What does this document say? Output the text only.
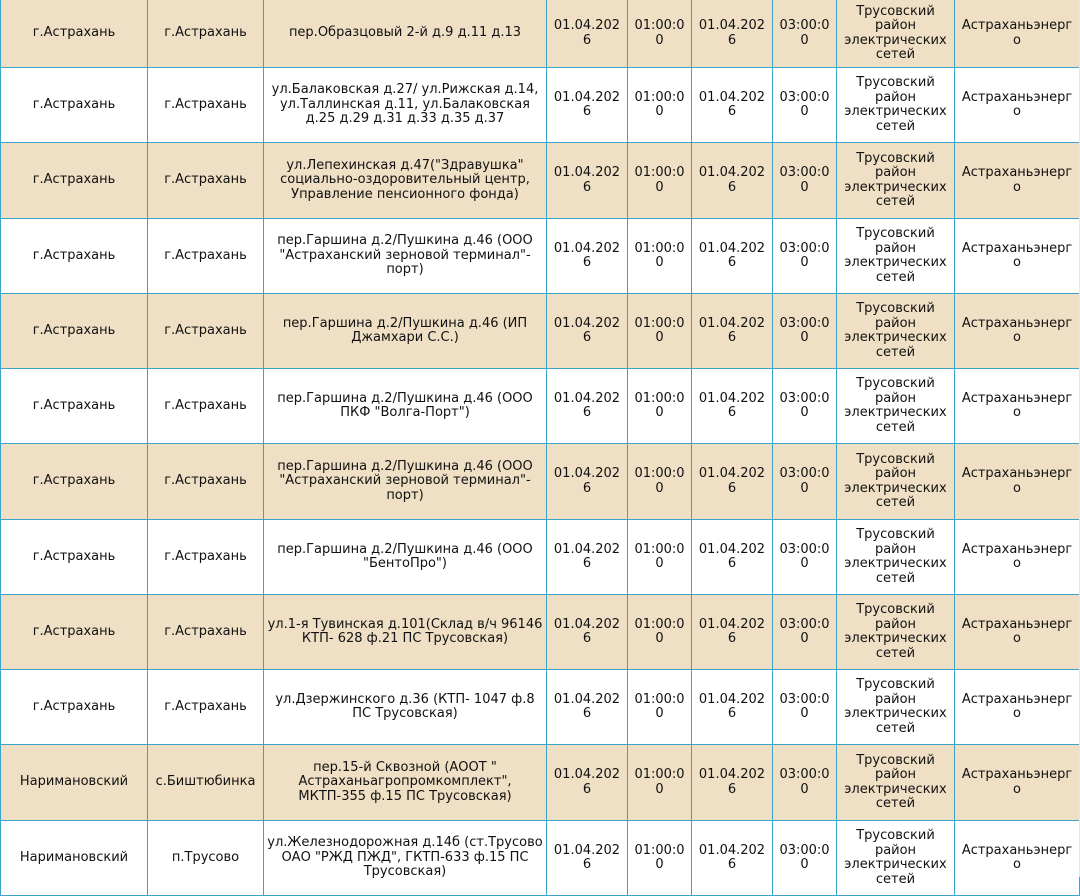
г.Астрахань	г.Астрахань	пер.Образцовый 2-й д.9 д.11 д.13	01.04.2026	01:00:00	01.04.2026	03:00:00	Трусовский район электрических сетей	Астраханьэнерго
г.Астрахань	г.Астрахань	ул.Балаковская д.27/ ул.Рижская д.14, ул.Таллинская д.11, ул.Балаковская д.25 д.29 д.31 д.33 д.35 д.37	01.04.2026	01:00:00	01.04.2026	03:00:00	Трусовский район электрических сетей	Астраханьэнерго
г.Астрахань	г.Астрахань	ул.Лепехинская д.47("Здравушка" социально-оздоровительный центр, Управление пенсионного фонда)	01.04.2026	01:00:00	01.04.2026	03:00:00	Трусовский район электрических сетей	Астраханьэнерго
г.Астрахань	г.Астрахань	пер.Гаршина д.2/Пушкина д.46 (ООО "Астраханский зерновой терминал"-порт)	01.04.2026	01:00:00	01.04.2026	03:00:00	Трусовский район электрических сетей	Астраханьэнерго
г.Астрахань	г.Астрахань	пер.Гаршина д.2/Пушкина д.46 (ИП Джамхари С.С.)	01.04.2026	01:00:00	01.04.2026	03:00:00	Трусовский район электрических сетей	Астраханьэнерго
г.Астрахань	г.Астрахань	пер.Гаршина д.2/Пушкина д.46 (ООО ПКФ "Волга-Порт")	01.04.2026	01:00:00	01.04.2026	03:00:00	Трусовский район электрических сетей	Астраханьэнерго
г.Астрахань	г.Астрахань	пер.Гаршина д.2/Пушкина д.46 (ООО "Астраханский зерновой терминал"-порт)	01.04.2026	01:00:00	01.04.2026	03:00:00	Трусовский район электрических сетей	Астраханьэнерго
г.Астрахань	г.Астрахань	пер.Гаршина д.2/Пушкина д.46 (ООО "БентоПро")	01.04.2026	01:00:00	01.04.2026	03:00:00	Трусовский район электрических сетей	Астраханьэнерго
г.Астрахань	г.Астрахань	ул.1-я Тувинская д.101(Склад в/ч 96146 КТП- 628 ф.21 ПС Трусовская)	01.04.2026	01:00:00	01.04.2026	03:00:00	Трусовский район электрических сетей	Астраханьэнерго
г.Астрахань	г.Астрахань	ул.Дзержинского д.36 (КТП- 1047 ф.8 ПС Трусовская)	01.04.2026	01:00:00	01.04.2026	03:00:00	Трусовский район электрических сетей	Астраханьэнерго
Наримановский	с.Биштюбинка	пер.15-й Сквозной (АООТ " Астраханьагропромкомплект", МКТП-355 ф.15 ПС Трусовская)	01.04.2026	01:00:00	01.04.2026	03:00:00	Трусовский район электрических сетей	Астраханьэнерго
Наримановский	п.Трусово	ул.Железнодорожная д.14б (ст.Трусово ОАО "РЖД ПЖД", ГКТП-633 ф.15 ПС Трусовская)	01.04.2026	01:00:00	01.04.2026	03:00:00	Трусовский район электрических сетей	Астраханьэнерго
